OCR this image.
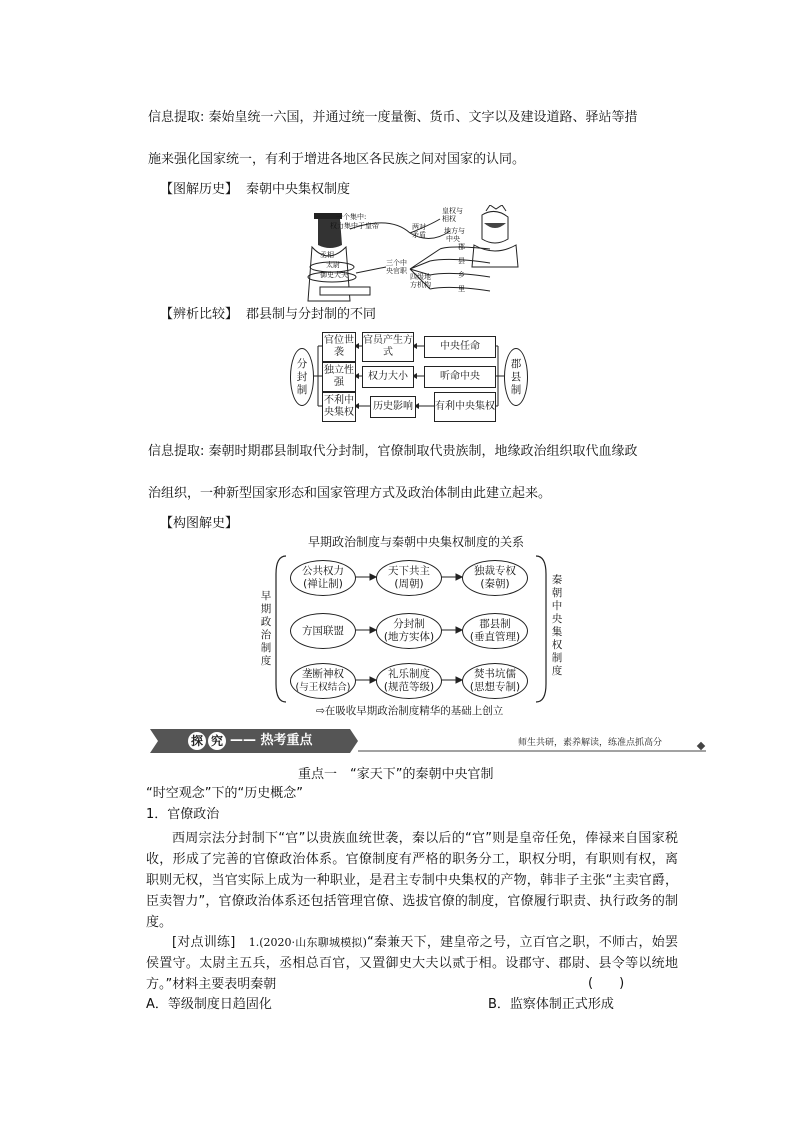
信息提取: 秦始皇统一六国，并通过统一度量衡、货币、文字以及建设道路、驿站等措
施来强化国家统一，有利于增进各地区各民族之间对国家的认同。
【图解历史】 秦朝中央集权制度
一个集中:
权力集中于皇帝	两对
矛盾
皇权与
相权
地方与
中央
丞相
太尉
御史大夫
三个中
央官职
四级地
方机构
郡
县
乡
里
【辨析比较】 郡县制与分封制的不同
分封制
郡县制
官位世袭
官员产生方式
中央任命
独立性强
权力大小	听命中央
不利中央集权
历史影响	有利中央集权
信息提取: 秦朝时期郡县制取代分封制，官僚制取代贵族制，地缘政治组织取代血缘政
治组织，一种新型国家形态和国家管理方式及政治体制由此建立起来。
【构图解史】
早期政治制度与秦朝中央集权制度的关系
早期政治制度
秦朝中央集权制度
公共权力
(禅让制)
天下共主
(周朝)
独裁专权
(秦朝)
方国联盟
分封制
(地方实体)
郡县制
(垂直管理)
垄断神权
(与王权结合)
礼乐制度
(规范等级)
焚书坑儒
(思想专制)
⇨在吸收早期政治制度精华的基础上创立
探 究 —— 热考重点	师生共研，素养解读，练准点抓高分
重点一　“家天下”的秦朝中央官制
“时空观念”下的“历史概念”
1．官僚政治
西周宗法分封制下“官”以贵族血统世袭，秦以后的“官”则是皇帝任免，俸禄来自国家税收，形成了完善的官僚政治体系。官僚制度有严格的职务分工，职权分明，有职则有权，离职则无权，当官实际上成为一种职业，是君主专制中央集权的产物，韩非子主张“主卖官爵，臣卖智力”，官僚政治体系还包括管理官僚、选拔官僚的制度，官僚履行职责、执行政务的制度。
[对点训练]　 1.(2020·山东聊城模拟)“秦兼天下，建皇帝之号，立百官之职，不师古，始罢侯置守。太尉主五兵，丞相总百官，又置御史大夫以贰于相。设郡守、郡尉、县令等以统地方。”材料主要表明秦朝	(　　)
A．等级制度日趋固化	B．监察体制正式形成
